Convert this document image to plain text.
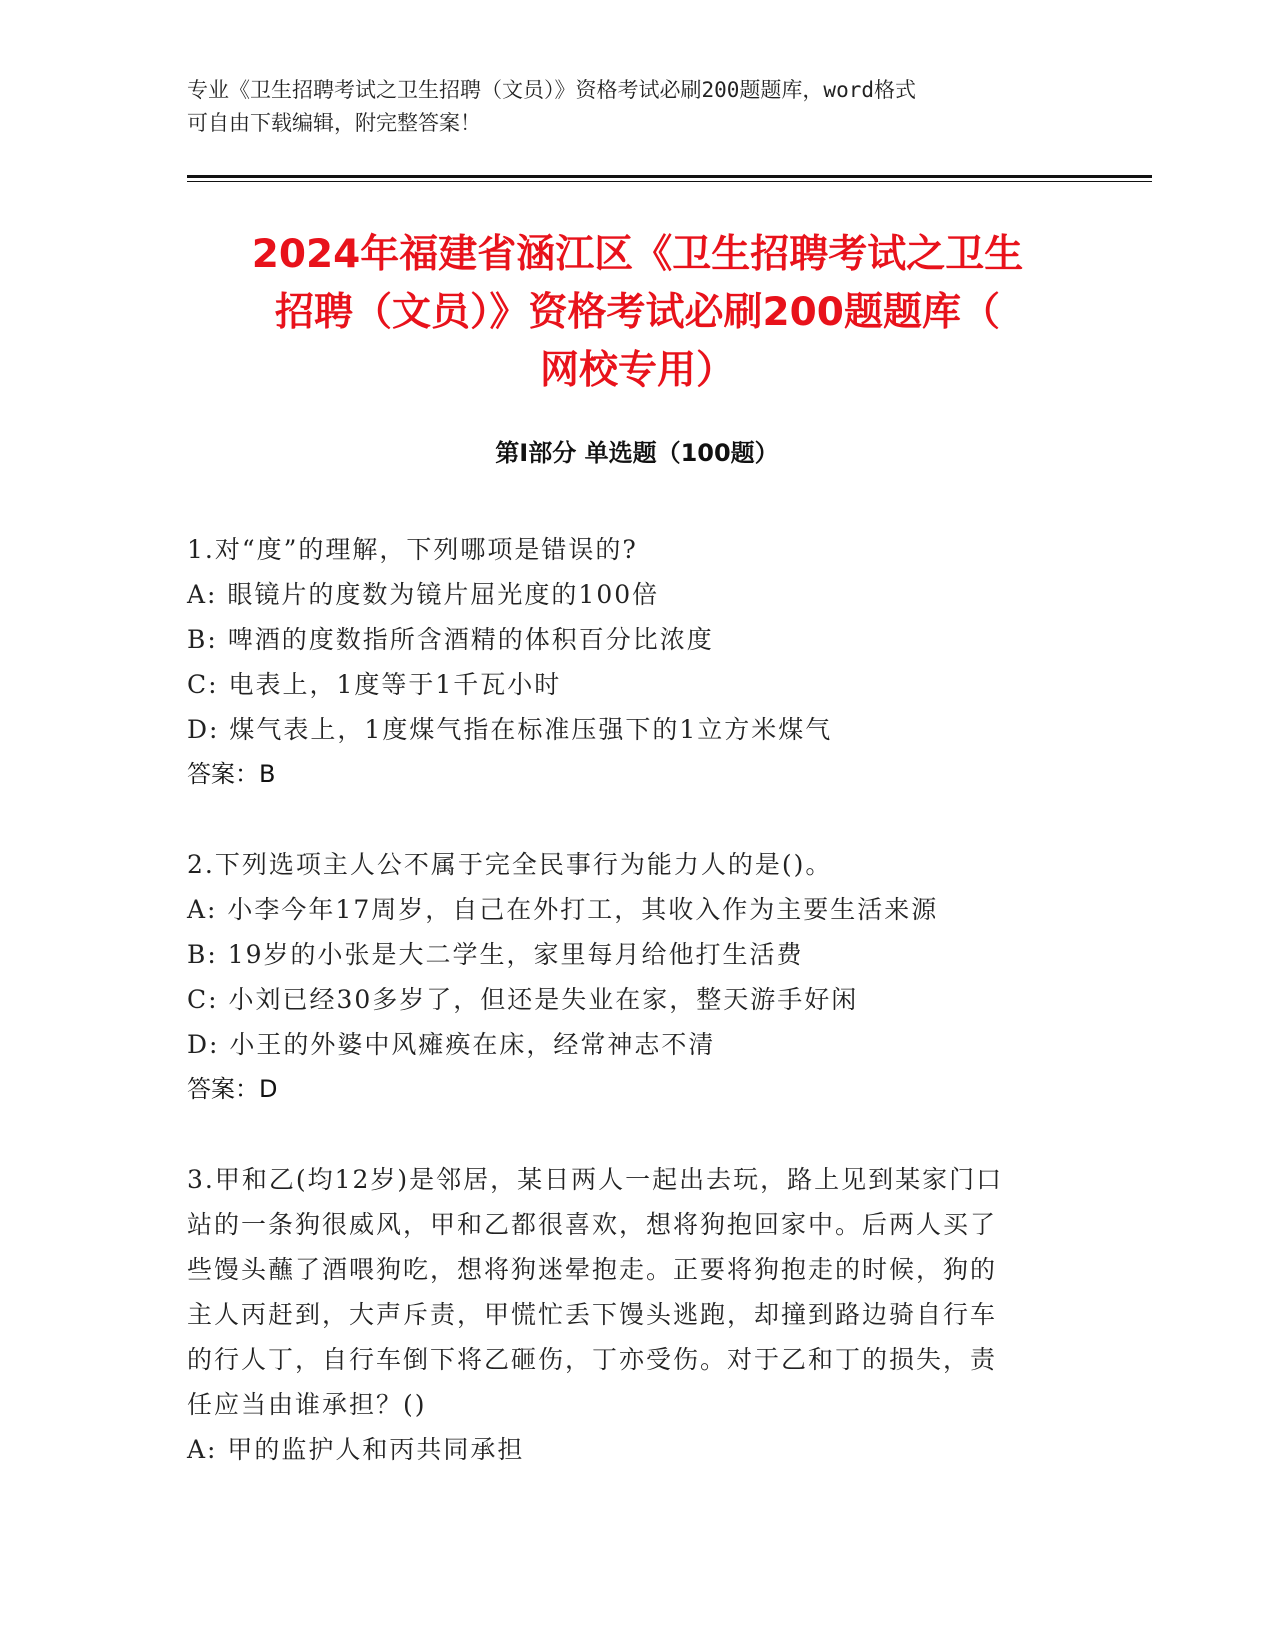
专业《卫生招聘考试之卫生招聘（文员）》资格考试必刷200题题库，word格式
可自由下载编辑，附完整答案！
2024年福建省涵江区《卫生招聘考试之卫生
招聘（文员）》资格考试必刷200题题库（
网校专用）
第Ⅰ部分 单选题（100题）
1.对“度”的理解，下列哪项是错误的?
A: 眼镜片的度数为镜片屈光度的100倍
B: 啤酒的度数指所含酒精的体积百分比浓度
C: 电表上，1度等于1千瓦小时
D: 煤气表上，1度煤气指在标准压强下的1立方米煤气
答案：B
2.下列选项主人公不属于完全民事行为能力人的是()。
A: 小李今年17周岁，自己在外打工，其收入作为主要生活来源
B: 19岁的小张是大二学生，家里每月给他打生活费
C: 小刘已经30多岁了，但还是失业在家，整天游手好闲
D: 小王的外婆中风瘫痪在床，经常神志不清
答案：D
3.甲和乙(均12岁)是邻居，某日两人一起出去玩，路上见到某家门口
站的一条狗很威风，甲和乙都很喜欢，想将狗抱回家中。后两人买了
些馒头蘸了酒喂狗吃，想将狗迷晕抱走。正要将狗抱走的时候，狗的
主人丙赶到，大声斥责，甲慌忙丢下馒头逃跑，却撞到路边骑自行车
的行人丁，自行车倒下将乙砸伤，丁亦受伤。对于乙和丁的损失，责
任应当由谁承担？()
A: 甲的监护人和丙共同承担
